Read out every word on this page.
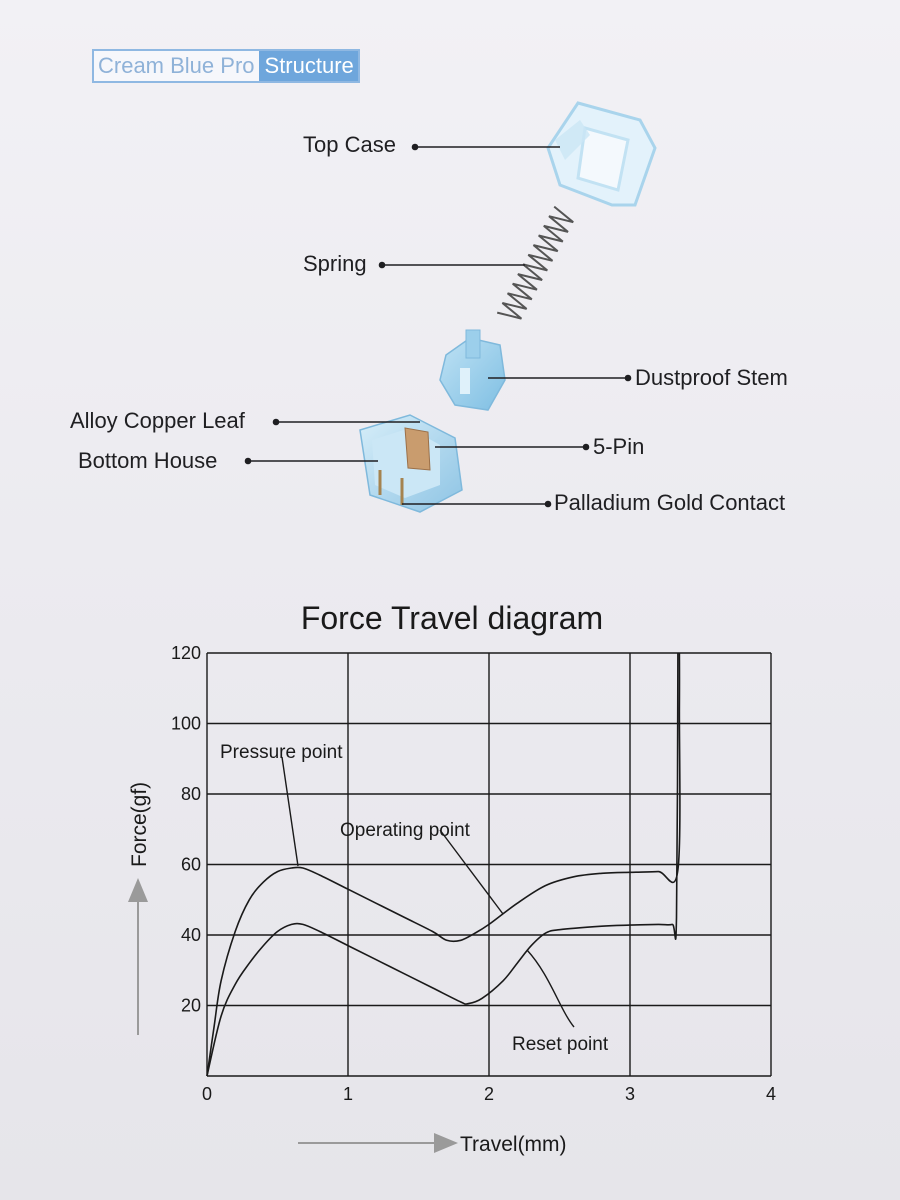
Cream Blue Pro Structure
Top Case
Spring
Dustproof Stem
Alloy Copper Leaf
5-Pin
Bottom House
Palladium Gold Contact
Force Travel diagram
0	1	2	3	4
20
40
60
80
100
120
Pressure point
Operating point
Reset point
Force(gf)
Travel(mm)
